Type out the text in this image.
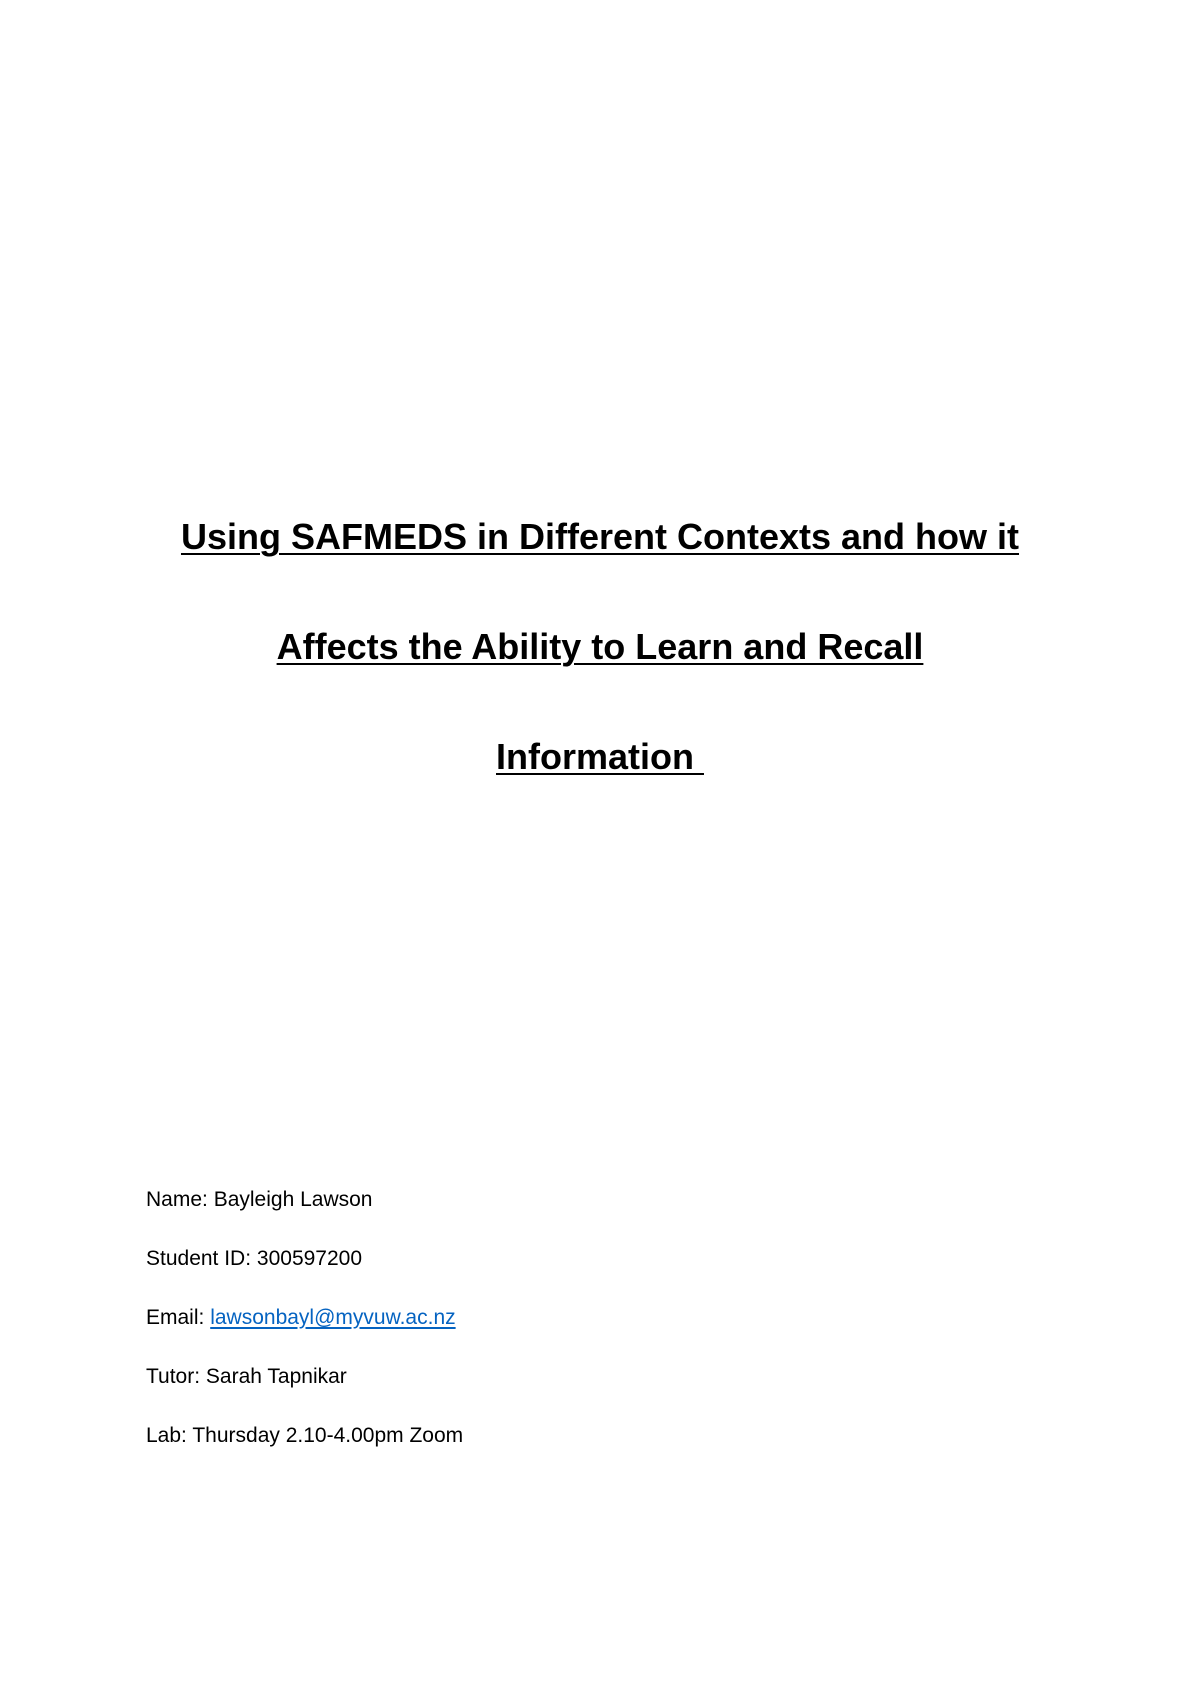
Using SAFMEDS in Different Contexts and how it
Affects the Ability to Learn and Recall
Information
Name: Bayleigh Lawson
Student ID: 300597200
Email: lawsonbayl@myvuw.ac.nz
Tutor: Sarah Tapnikar
Lab: Thursday 2.10-4.00pm Zoom
